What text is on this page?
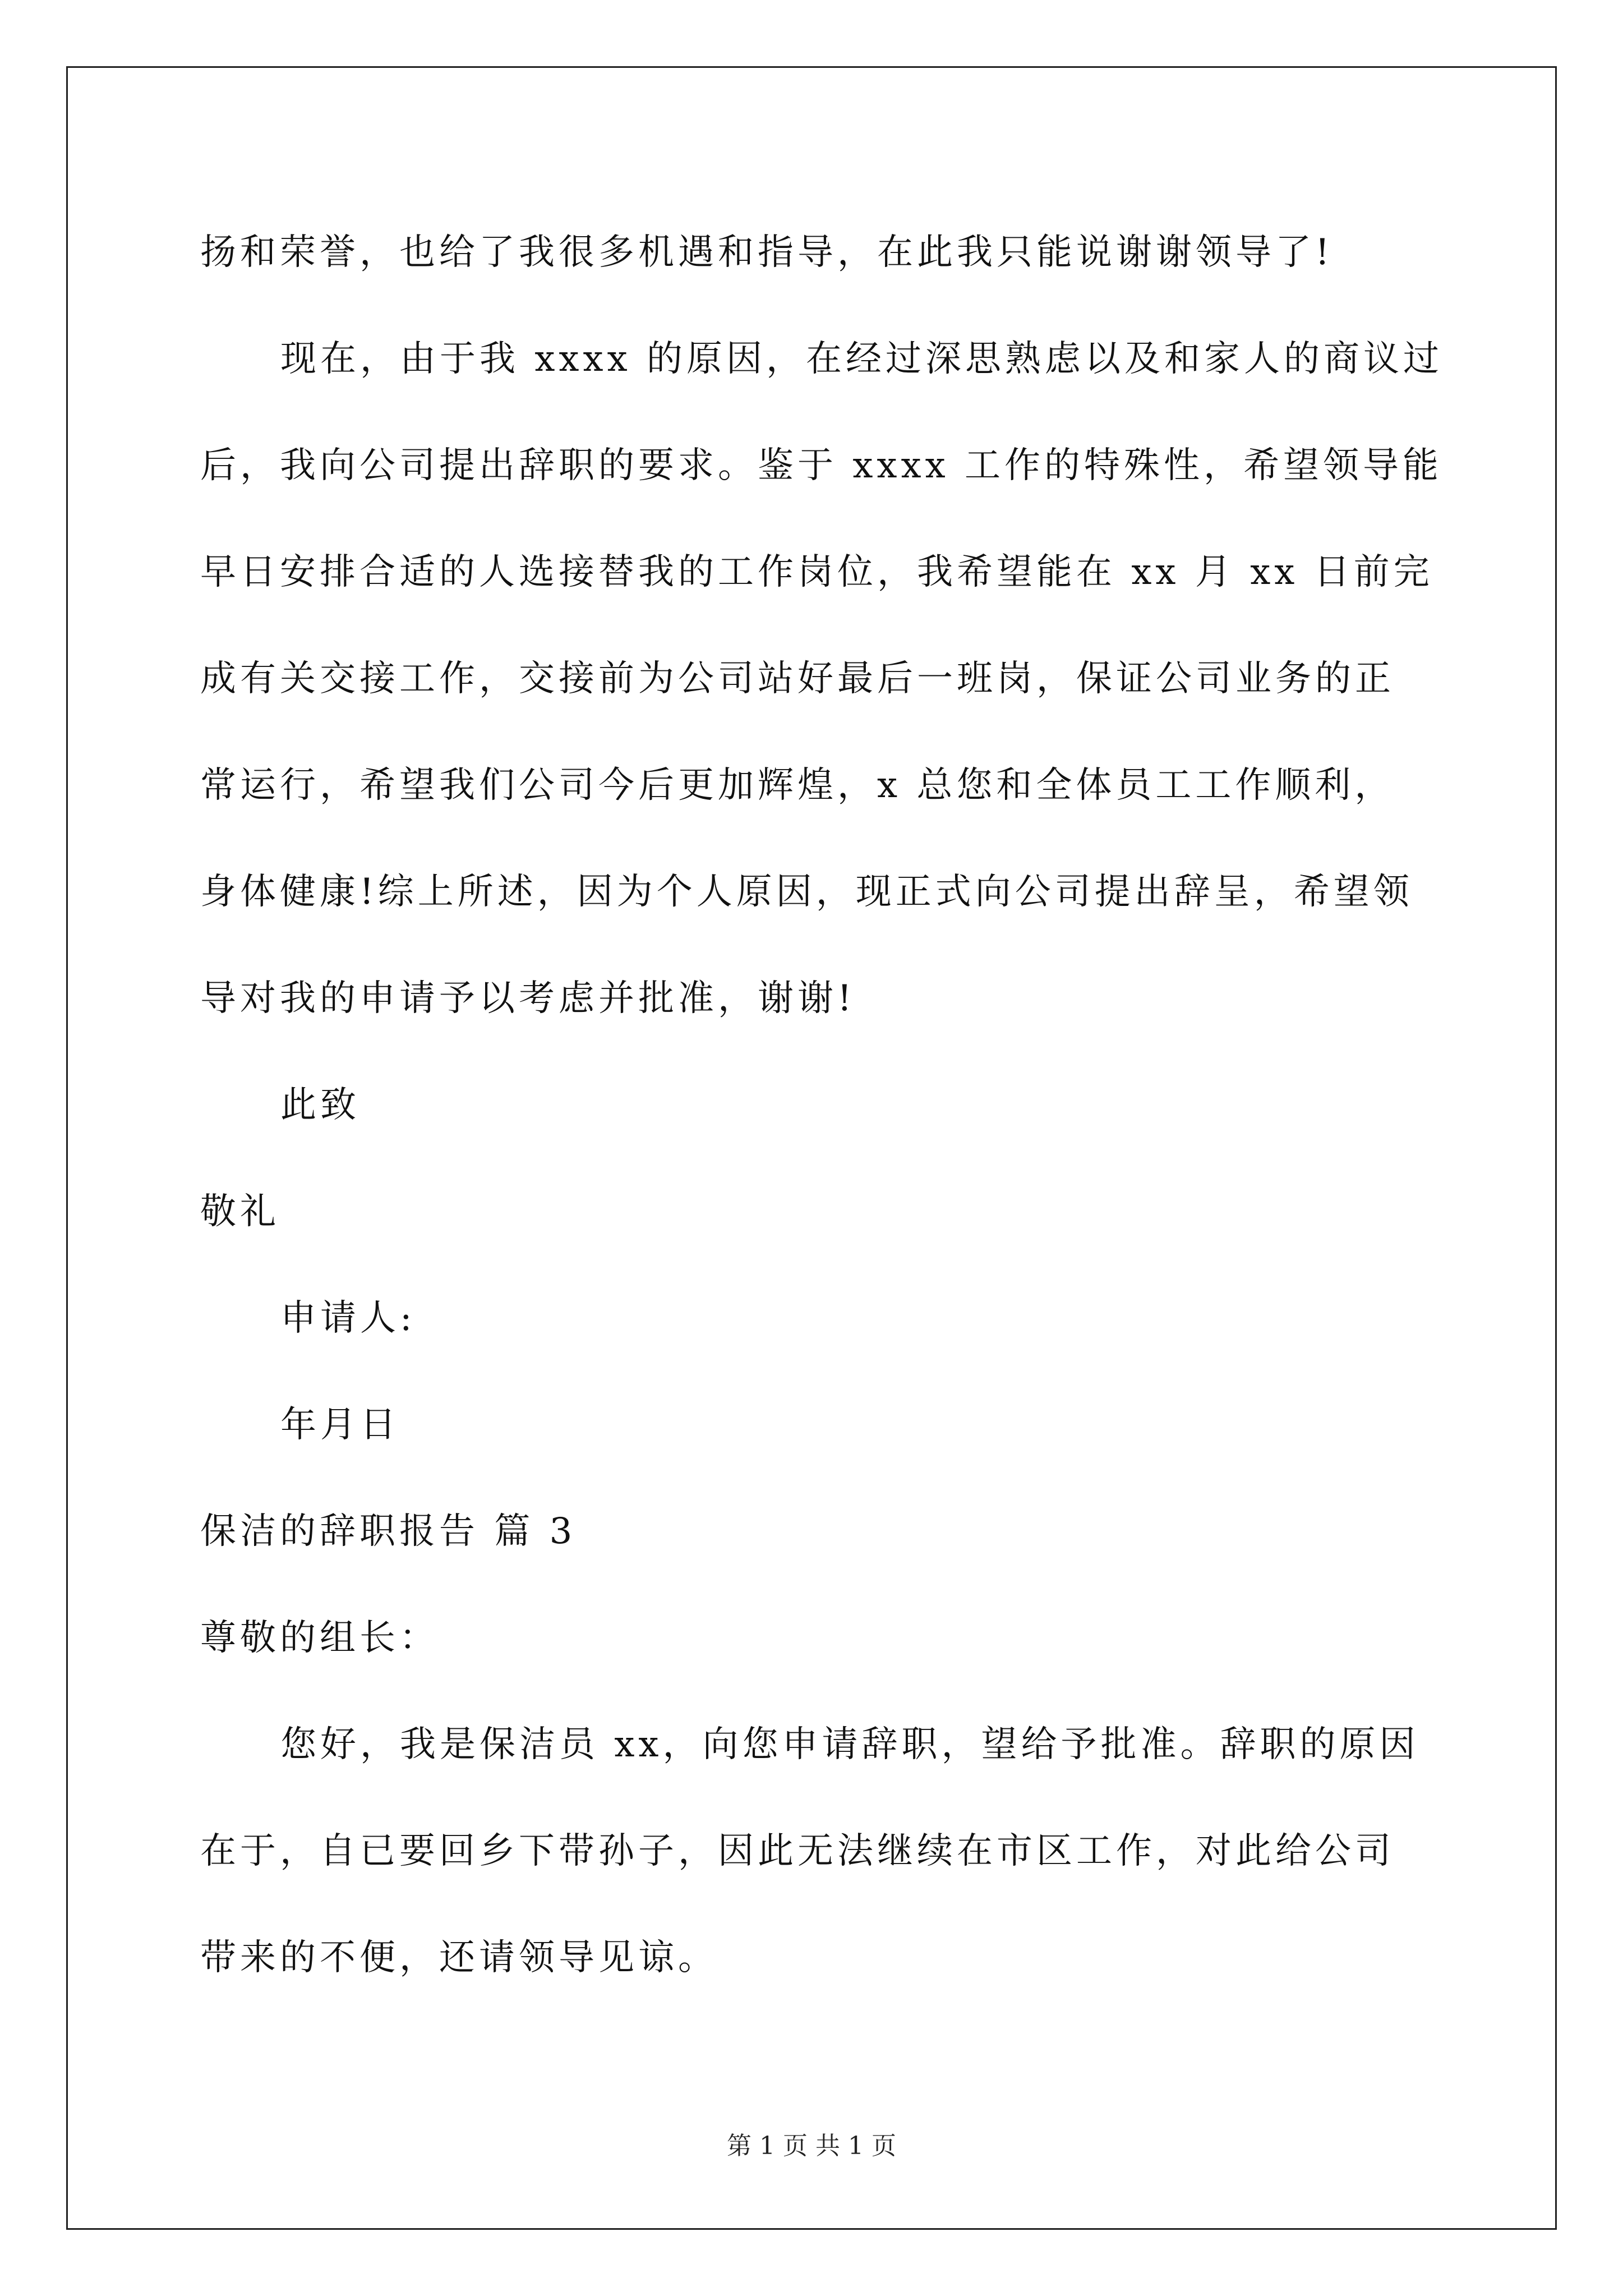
扬和荣誉，也给了我很多机遇和指导，在此我只能说谢谢领导了!
现在，由于我 xxxx 的原因，在经过深思熟虑以及和家人的商议过
后，我向公司提出辞职的要求。鉴于 xxxx 工作的特殊性，希望领导能
早日安排合适的人选接替我的工作岗位，我希望能在 xx 月 xx 日前完
成有关交接工作，交接前为公司站好最后一班岗，保证公司业务的正
常运行，希望我们公司今后更加辉煌，x 总您和全体员工工作顺利，
身体健康!综上所述，因为个人原因，现正式向公司提出辞呈，希望领
导对我的申请予以考虑并批准，谢谢!
此致
敬礼
申请人:
年月日
保洁的辞职报告 篇 3
尊敬的组长：
您好，我是保洁员 xx，向您申请辞职，望给予批准。辞职的原因
在于，自已要回乡下带孙子，因此无法继续在市区工作，对此给公司
带来的不便，还请领导见谅。
第 1 页 共 1 页
